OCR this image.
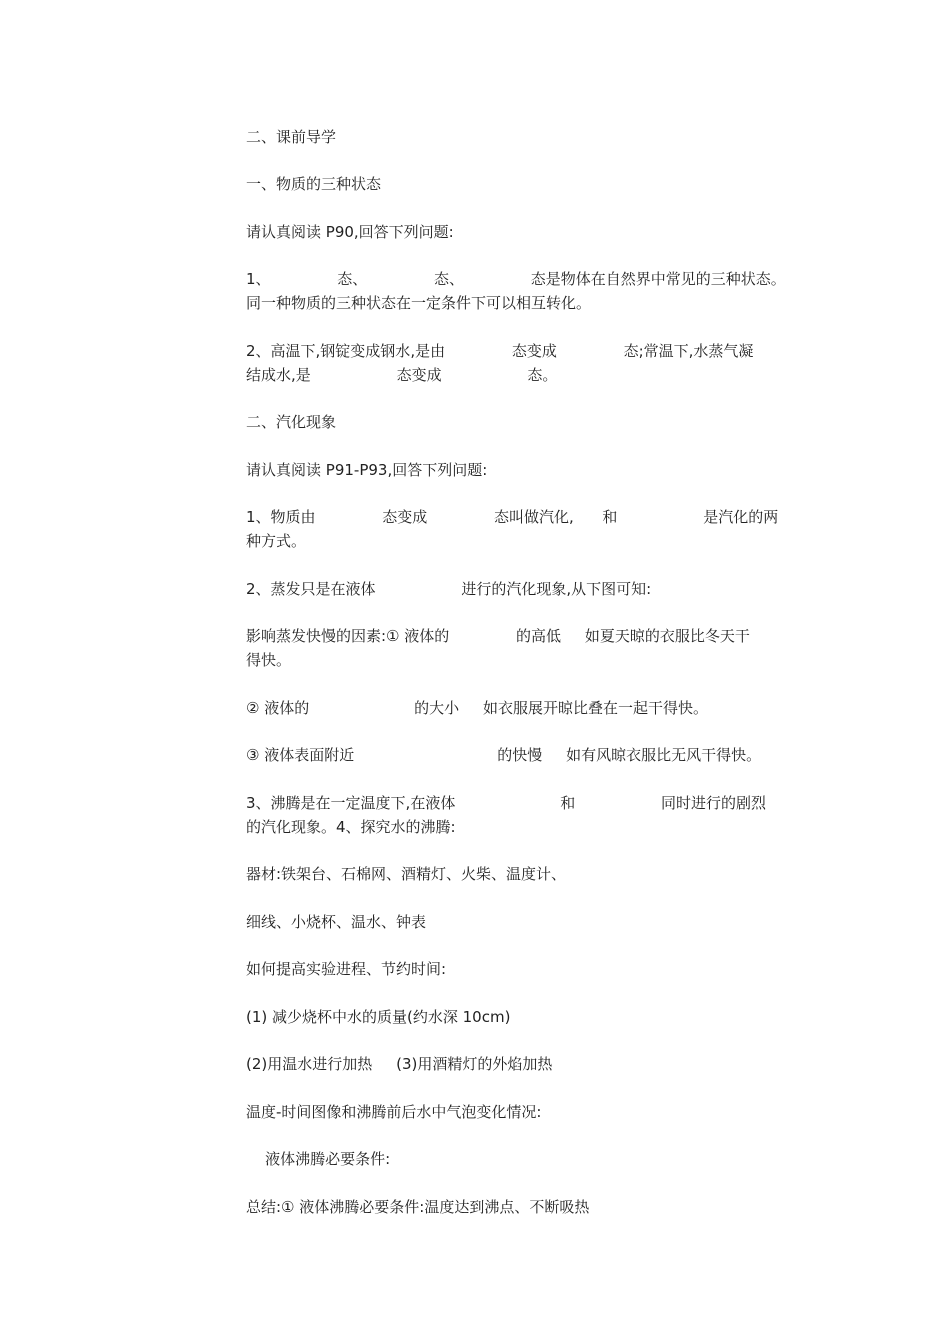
二、课前导学
一、物质的三种状态
请认真阅读 P90,回答下列问题:
1、              态、              态、              态是物体在自然界中常见的三种状态。
同一种物质的三种状态在一定条件下可以相互转化。
2、高温下,钢锭变成钢水,是由              态变成              态;常温下,水蒸气凝
结成水,是                  态变成                  态。
二、汽化现象
请认真阅读 P91-P93,回答下列问题:
1、物质由              态变成              态叫做汽化,      和                  是汽化的两
种方式。
2、蒸发只是在液体                  进行的汽化现象,从下图可知:
影响蒸发快慢的因素:① 液体的              的高低     如夏天晾的衣服比冬天干
得快。
② 液体的                      的大小     如衣服展开晾比叠在一起干得快。
③ 液体表面附近                              的快慢     如有风晾衣服比无风干得快。
3、沸腾是在一定温度下,在液体                      和                  同时进行的剧烈
的汽化现象。4、探究水的沸腾:
器材:铁架台、石棉网、酒精灯、火柴、温度计、
细线、小烧杯、温水、钟表
如何提高实验进程、节约时间:
(1) 减少烧杯中水的质量(约水深 10cm)
(2)用温水进行加热     (3)用酒精灯的外焰加热
温度-时间图像和沸腾前后水中气泡变化情况:
液体沸腾必要条件:
总结:① 液体沸腾必要条件:温度达到沸点、不断吸热
